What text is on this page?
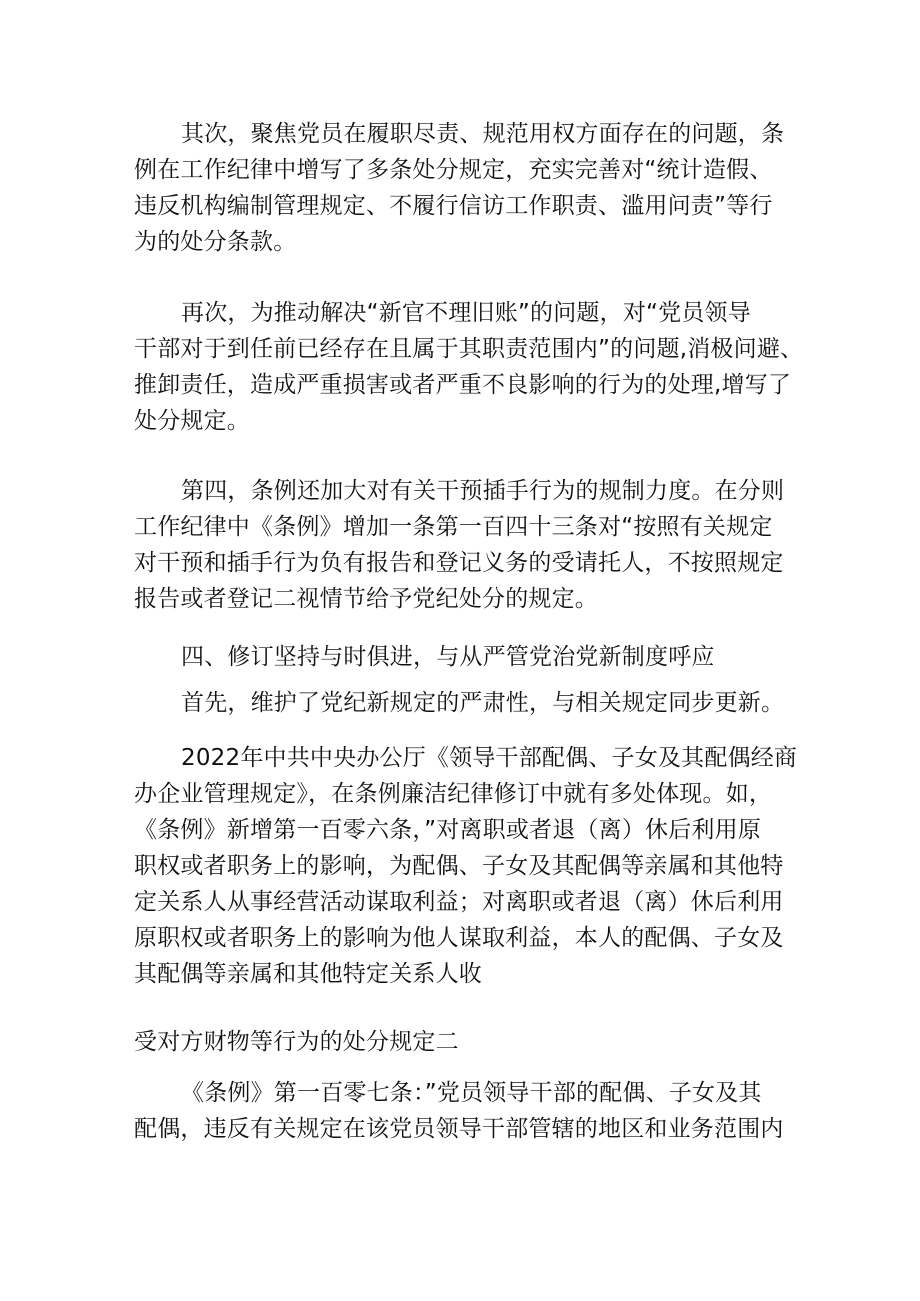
其次，聚焦党员在履职尽责、规范用权方面存在的问题，条

例在工作纪律中增写了多条处分规定，充实完善对“统计造假、

违反机构编制管理规定、不履行信访工作职责、滥用问责”等行

为的处分条款。

再次，为推动解决“新官不理旧账”的问题，对“党员领导

干部对于到任前已经存在且属于其职责范围内”的问题,消极问避、

推卸责任，造成严重损害或者严重不良影响的行为的处理,增写了

处分规定。

第四，条例还加大对有关干预插手行为的规制力度。在分则

工作纪律中《条例》增加一条第一百四十三条对“按照有关规定

对干预和插手行为负有报告和登记义务的受请托人，不按照规定

报告或者登记二视情节给予党纪处分的规定。

四、修订坚持与时俱进，与从严管党治党新制度呼应

首先，维护了党纪新规定的严肃性，与相关规定同步更新。

2022年中共中央办公厅《领导干部配偶、子女及其配偶经商

办企业管理规定》，在条例廉洁纪律修订中就有多处体现。如，

《条例》新增第一百零六条，”对离职或者退（离）休后利用原

职权或者职务上的影响，为配偶、子女及其配偶等亲属和其他特

定关系人从事经营活动谋取利益；对离职或者退（离）休后利用

原职权或者职务上的影响为他人谋取利益，本人的配偶、子女及

其配偶等亲属和其他特定关系人收

受对方财物等行为的处分规定二

《条例》第一百零七条：”党员领导干部的配偶、子女及其

配偶，违反有关规定在该党员领导干部管辖的地区和业务范围内
